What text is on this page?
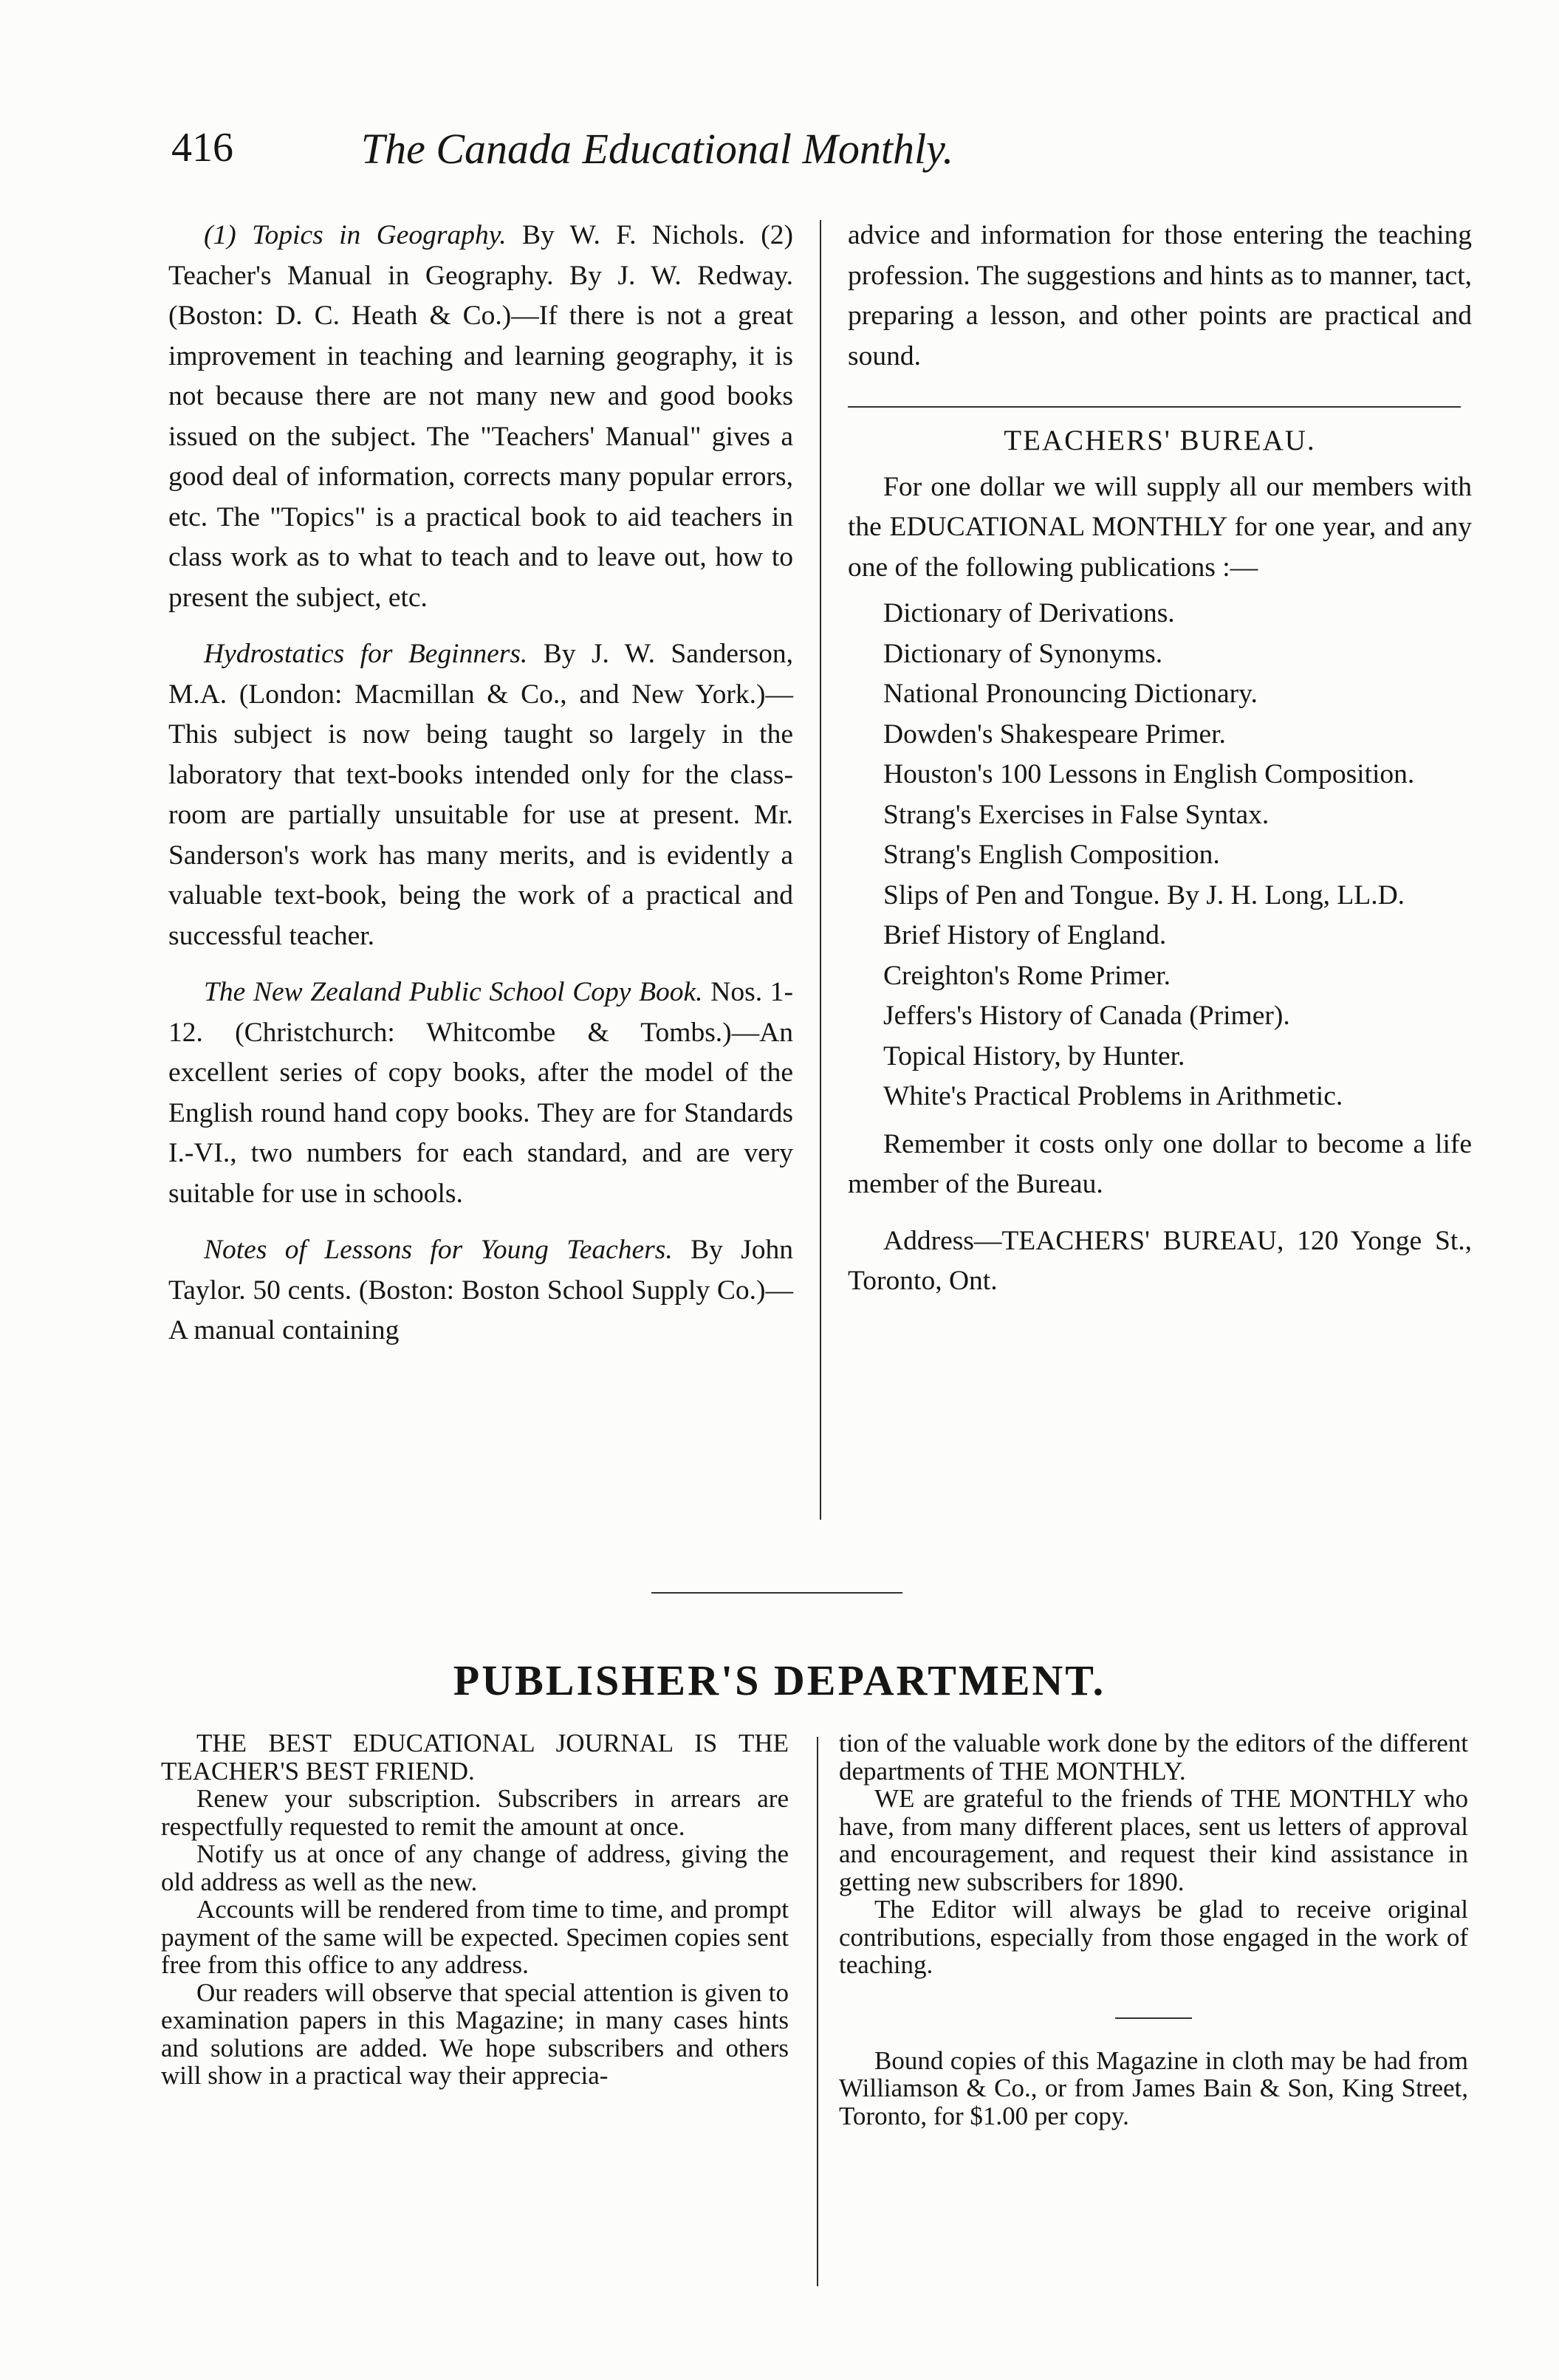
416	The Canada Educational Monthly.

(1) Topics in Geography. By W. F. Nichols. (2) Teacher's Manual in Geography. By J. W. Redway. (Boston: D. C. Heath & Co.)—If there is not a great improvement in teaching and learning geography, it is not because there are not many new and good books issued on the subject. The "Teachers' Manual" gives a good deal of information, corrects many popular errors, etc. The "Topics" is a practical book to aid teachers in class work as to what to teach and to leave out, how to present the subject, etc.

Hydrostatics for Beginners. By J. W. Sanderson, M.A. (London: Macmillan & Co., and New York.)—This subject is now being taught so largely in the laboratory that text-books intended only for the class-room are partially unsuitable for use at present. Mr. Sanderson's work has many merits, and is evidently a valuable text-book, being the work of a practical and successful teacher.

The New Zealand Public School Copy Book. Nos. 1-12. (Christchurch: Whitcombe & Tombs.)—An excellent series of copy books, after the model of the English round hand copy books. They are for Standards I.-VI., two numbers for each standard, and are very suitable for use in schools.

Notes of Lessons for Young Teachers. By John Taylor. 50 cents. (Boston: Boston School Supply Co.)—A manual containing

advice and information for those entering the teaching profession. The suggestions and hints as to manner, tact, preparing a lesson, and other points are practical and sound.

TEACHERS' BUREAU.

For one dollar we will supply all our members with the EDUCATIONAL MONTHLY for one year, and any one of the following publications :—

Dictionary of Derivations.
Dictionary of Synonyms.
National Pronouncing Dictionary.
Dowden's Shakespeare Primer.
Houston's 100 Lessons in English Composition.
Strang's Exercises in False Syntax.
Strang's English Composition.
Slips of Pen and Tongue. By J. H. Long, LL.D.
Brief History of England.
Creighton's Rome Primer.
Jeffers's History of Canada (Primer).
Topical History, by Hunter.
White's Practical Problems in Arithmetic.

Remember it costs only one dollar to become a life member of the Bureau.

Address—TEACHERS' BUREAU, 120 Yonge St., Toronto, Ont.

PUBLISHER'S DEPARTMENT.

THE BEST EDUCATIONAL JOURNAL IS THE TEACHER'S BEST FRIEND.

Renew your subscription. Subscribers in arrears are respectfully requested to remit the amount at once.

Notify us at once of any change of address, giving the old address as well as the new.

Accounts will be rendered from time to time, and prompt payment of the same will be expected. Specimen copies sent free from this office to any address.

Our readers will observe that special attention is given to examination papers in this Magazine; in many cases hints and solutions are added. We hope subscribers and others will show in a practical way their apprecia-

tion of the valuable work done by the editors of the different departments of THE MONTHLY.

WE are grateful to the friends of THE MONTHLY who have, from many different places, sent us letters of approval and encouragement, and request their kind assistance in getting new subscribers for 1890.

The Editor will always be glad to receive original contributions, especially from those engaged in the work of teaching.

Bound copies of this Magazine in cloth may be had from Williamson & Co., or from James Bain & Son, King Street, Toronto, for $1.00 per copy.
